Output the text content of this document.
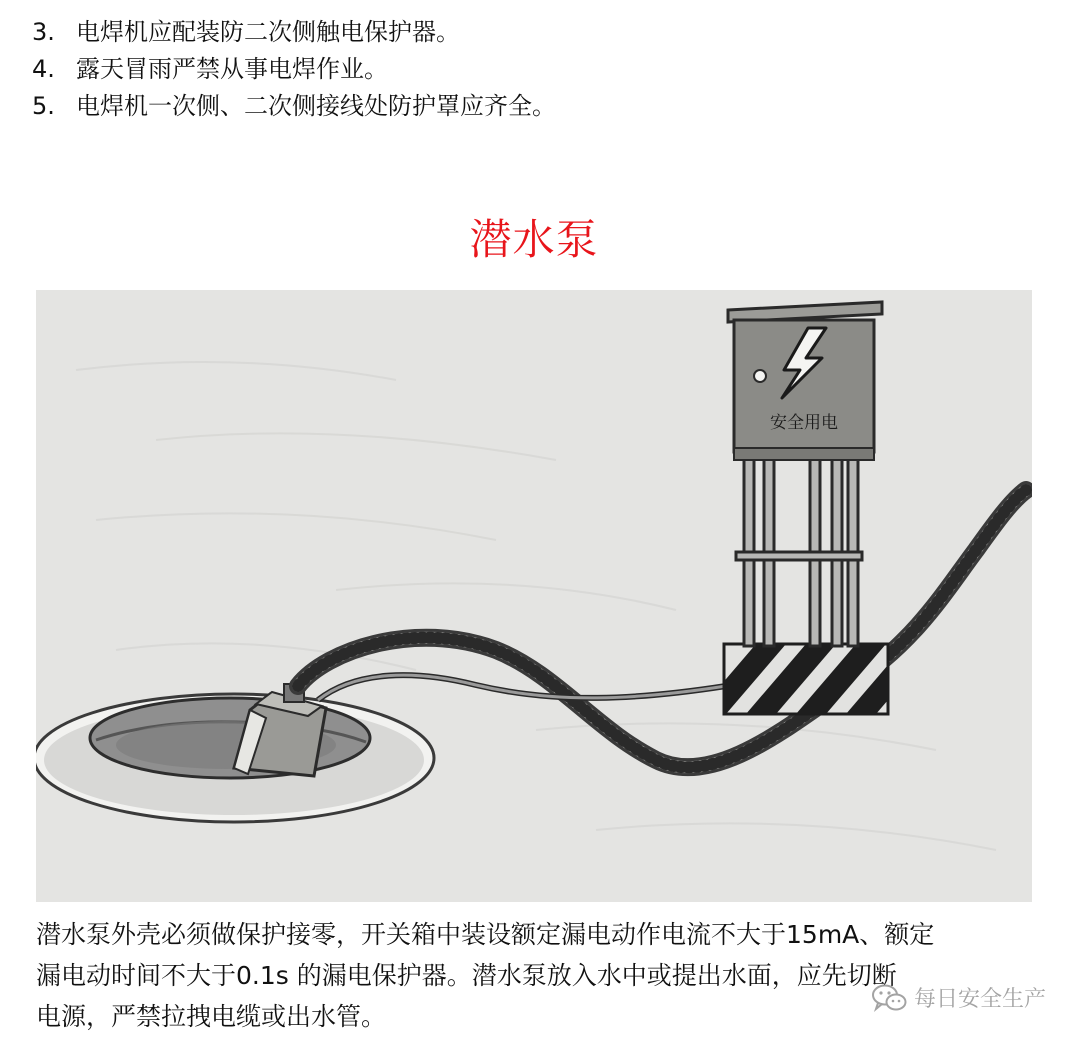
3. 电焊机应配装防二次侧触电保护器。
4. 露天冒雨严禁从事电焊作业。
5. 电焊机一次侧、二次侧接线处防护罩应齐全。
潜水泵
安全用电

潜水泵外壳必须做保护接零，开关箱中装设额定漏电动作电流不大于15mA、额定
漏电动时间不大于0.1s 的漏电保护器。潜水泵放入水中或提出水面，应先切断
电源，严禁拉拽电缆或出水管。

每日安全生产
